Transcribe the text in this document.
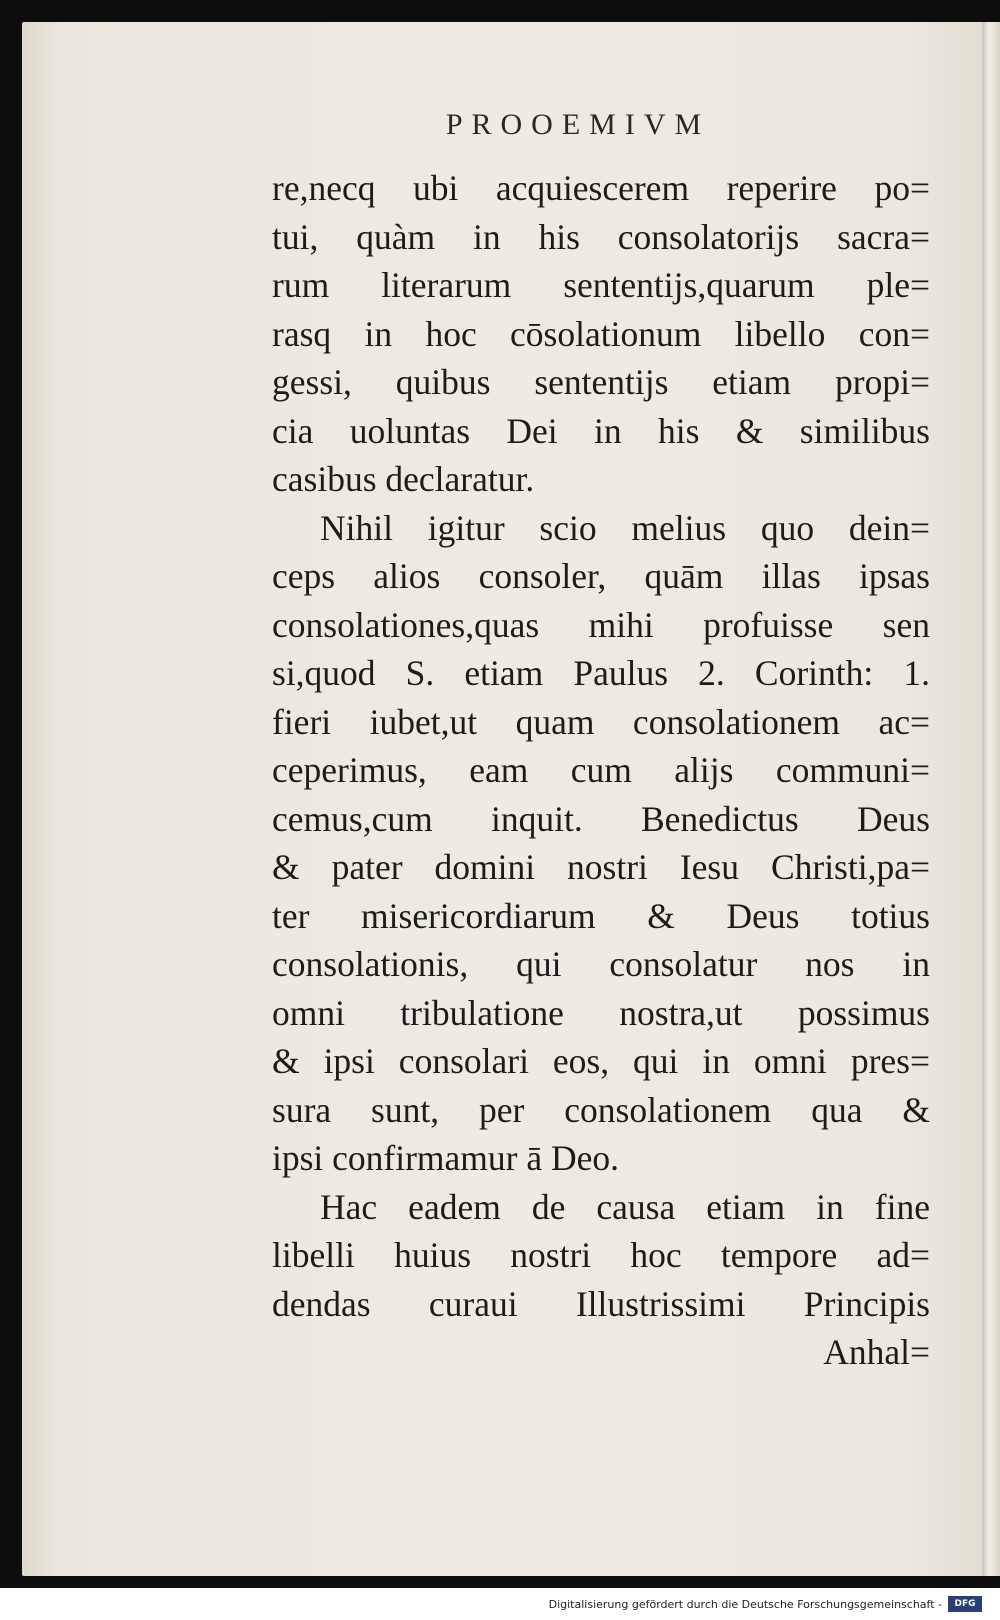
PROOEMIVM
re,necq ubi acquiescerem reperire po=
tui, quàm in his consolatorijs sacra=
rum literarum sententijs,quarum ple=
rasq in hoc cōsolationum libello con=
gessi, quibus sententijs etiam propi=
cia uoluntas Dei in his & similibus
casibus declaratur.
Nihil igitur scio melius quo dein=
ceps alios consoler, quām illas ipsas
consolationes,quas mihi profuisse sen
si,quod S. etiam Paulus 2. Corinth: 1.
fieri iubet,ut quam consolationem ac=
ceperimus, eam cum alijs communi=
cemus,cum inquit. Benedictus Deus
& pater domini nostri Iesu Christi,pa=
ter misericordiarum & Deus totius
consolationis, qui consolatur nos in
omni tribulatione nostra,ut possimus
& ipsi consolari eos, qui in omni pres=
sura sunt, per consolationem qua &
ipsi confirmamur ā Deo.
Hac eadem de causa etiam in fine
libelli huius nostri hoc tempore ad=
dendas curaui Illustrissimi Principis
Anhal=
Digitalisierung gefördert durch die Deutsche Forschungsgemeinschaft -	DFG
